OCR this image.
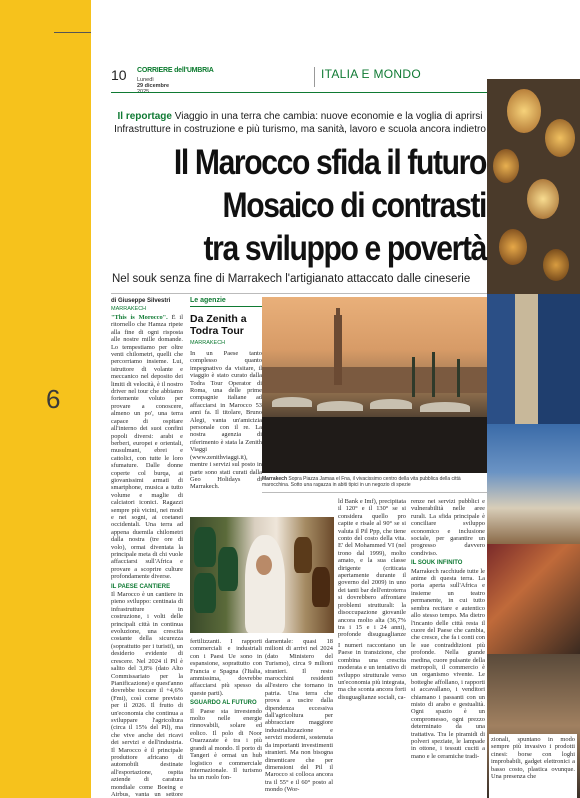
6
10 CORRIERE dell'UMBRIA
Lunedì
29 dicembre
ITALIA E MONDO
Il reportage Viaggio in una terra che cambia: nuove economie e la voglia di aprirsi Infrastrutture in costruzione e più turismo, ma sanità, lavoro e scuola ancora indietro
Il Marocco sfida il futuro
Mosaico di contrasti
tra sviluppo e povertà
Nel souk senza fine di Marrakech l'artigianato attaccato dalle cineserie
di Giuseppe Silvestri
MARRAKECH
"This is Morocco". È il ritornello che Hamza ripete alla fine di ogni risposta alle nostre mille domande. Lo tempestiamo per oltre venti chilometri, quelli che percorriamo insieme. Lui, istruttore di volante e meccanico nel deposito dei limiti di velocità, è il nostro driver nel tour che abbiamo fortemente voluto per provare a conoscere, almeno un po', una terra capace di ospitare all'interno dei suoi confini popoli diversi: arabi e berberi, europei e orientali, musulmani, ebrei e cattolici, con tutte le loro sfumature. Dalle donne coperte col burqa, ai giovanissimi armati di smartphone, musica a tutto volume e maglie di calciatori iconici. Ragazzi sempre più vicini, nei modi e nei sogni, ai coetanei occidentali. Una terra ad appena duemila chilometri dalla nostra (tre ore di volo), ormai diventata la principale meta di chi vuole affacciarsi sull'Africa e provare a scoprire culture profondamente diverse.
IL PAESE CANTIERE
Il Marocco è un cantiere in pieno sviluppo: centinaia di infrastrutture in costruzione, i volti delle principali città in continua evoluzione, una crescita costante della sicurezza (soprattutto per i turisti), un desiderio evidente di crescere. Nel 2024 il Pil è salito del 3,8% (dato Alto Commissariato per la Pianificazione) e quest'anno dovrebbe toccare il +4,6% (Fmi), così come previsto per il 2026. Il frutto di un'economia che continua a sviluppare l'agricoltura (circa il 15% del Pil), ma che vive anche dei ricavi dei servizi e dell'industria. Il Marocco è il principale produttore africano di automobili destinate all'esportazione, ospita aziende di caratura mondiale come Boeing e Airbus, vanta un settore
Le agenzie
Da Zenith a Todra Tour
MARRAKECH
In un Paese tanto complesso quanto impegnativo da visitare, il viaggio è stato curato dalla Todra Tour Operator di Roma, una delle prime compagnie italiane ad affacciarsi in Marocco 53 anni fa. Il titolare, Bruno Alegi, vanta un'amicizia personale con il re. La nostra agenzia di riferimento è stata la Zenith Viaggi (www.zenithviaggi.it), mentre i servizi sul posto in parte sono stati curati dalla Geo Holidays di Marrakech.
Marrakech Sopra Piazza Jamaa el Fna, il vivacissimo centro della vita pubblica della città marocchina. Sotto una ragazza in abiti tipici in un negozio di spezie
fertilizzanti. I rapporti commerciali e industriali con i Paesi Ue sono in espansione, soprattutto con Francia e Spagna (l'Italia, ammissima, dovrebbe affacciarsi più spesso da queste parti).
SGUARDO AL FUTURO
Il Paese sta investendo molto nelle energie rinnovabili, solare ed eolico. Il polo di Noor Ouarzazate è tra i più grandi al mondo. Il porto di Tangeri è ormai un hub logistico e commerciale internazionale. Il turismo ha un ruolo fon-
damentale: quasi 18 milioni di arrivi nel 2024 (dato Ministero del Turismo), circa 9 milioni stranieri. Il resto marocchini residenti all'estero che tornano in patria. Una terra che prova a uscire dalla dipendenza eccessiva dall'agricoltura per abbracciare maggiore industrializzazione e servizi moderni, sostenuta da importanti investimenti stranieri. Ma non bisogna dimenticare che per dimensioni del Pil il Marocco si colloca ancora tra il 55° e il 60° posto al mondo (Wor-
ld Bank e Imf), precipitata il 120° e il 130° se si considera quello pro capite e risale al 90° se si valuta il Pil Ppp, che tiene conto del costo della vita. E' del Mohammed VI (nel trono dal 1999), molto amato, e la sua classe dirigente (criticata apertamente durante il governo del 2009) in uno dei tanti bar dell'entroterra si dovrebbero affrontare problemi strutturali: la disoccupazione giovanile ancora molto alta (36,7% tra i 15 e i 24 anni), profonde disuguaglianze
I numeri raccontano un Paese in transizione, che combina una crescita moderata e un tentativo di sviluppo strutturale verso un'economia più integrata, ma che sconta ancora forti disuguaglianze sociali, ca-
renze nei servizi pubblici e vulnerabilità nelle aree rurali. La sfida principale è conciliare sviluppo economico e inclusione sociale, per garantire un progresso davvero condiviso.
IL SOUK INFINITO
Marrakech racchiude tutte le anime di questa terra. La porta aperta sull'Africa e insieme un teatro permanente, in cui tutto sembra recitare e autentico allo stesso tempo. Ma dietro l'incanto delle città resta il cuore del Paese che cambia, che cresce, che fa i conti con le sue contraddizioni più profonde. Nella grande medina, cuore pulsante della metropoli, il commercio è un organismo vivente. Le botteghe affollano, i rapporti si accavallano, i venditori chiamano i passanti con un misto di arabo e gestualità. Ogni spazio è un compromesso, ogni prezzo determinato da una trattativa. Tra le piramidi di polveri speziate, le lampade in ottone, i tessuti cuciti a mano e le ceramiche tradi-
zionali, spuntano in modo sempre più invasivo i prodotti cinesi: borse con loghi improbabili, gadget elettronici a basso costo, plastica ovunque. Una presenza che
